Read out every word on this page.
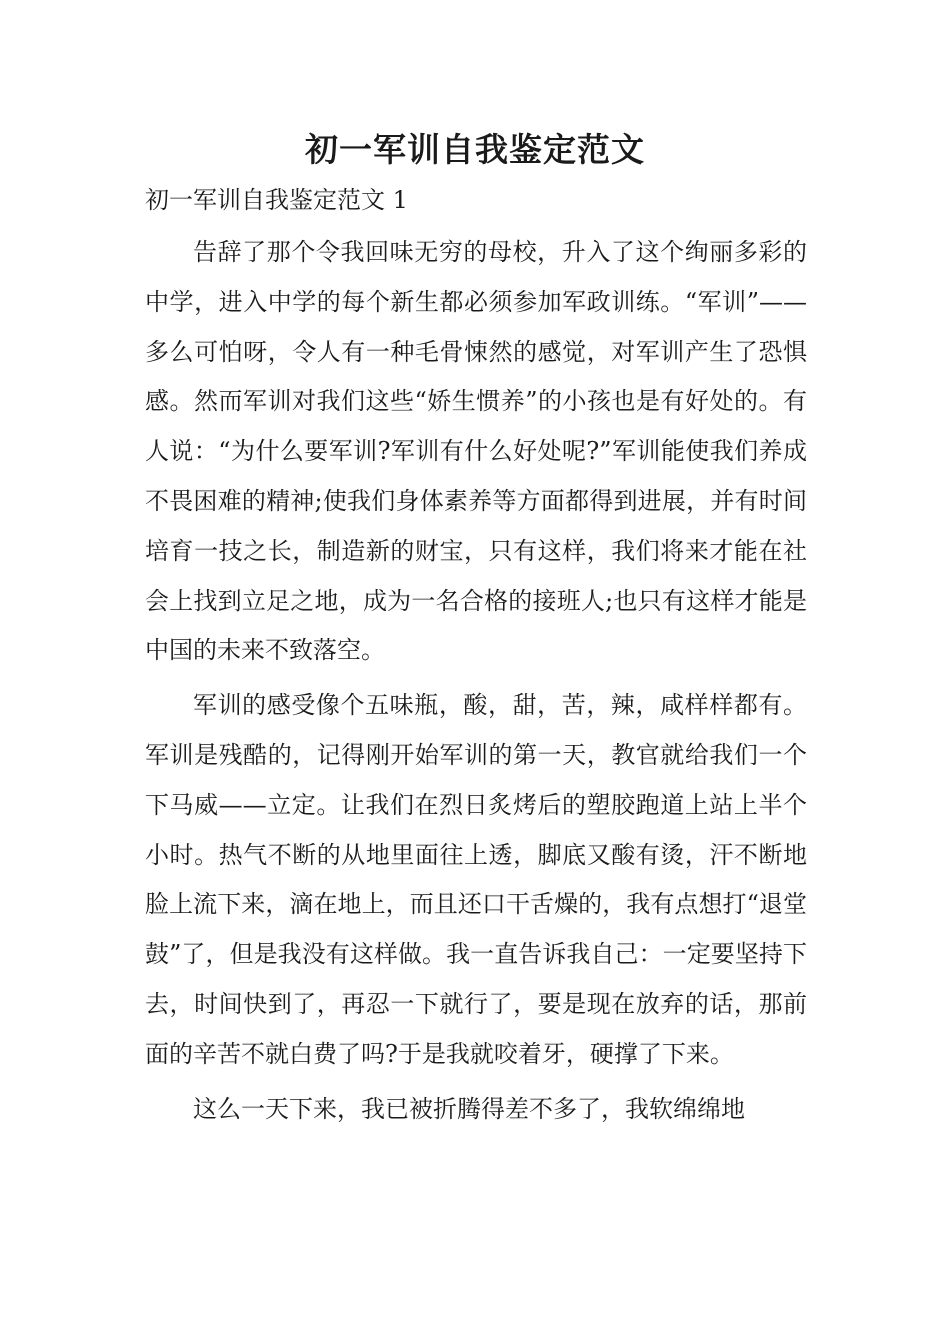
初一军训自我鉴定范文
初一军训自我鉴定范文 1

告辞了那个令我回味无穷的母校，升入了这个绚丽多彩的中学，进入中学的每个新生都必须参加军政训练。“军训”——多么可怕呀，令人有一种毛骨悚然的感觉，对军训产生了恐惧感。然而军训对我们这些“娇生惯养”的小孩也是有好处的。有人说：“为什么要军训?军训有什么好处呢?”军训能使我们养成不畏困难的精神;使我们身体素养等方面都得到进展，并有时间培育一技之长，制造新的财宝，只有这样，我们将来才能在社会上找到立足之地，成为一名合格的接班人;也只有这样才能是中国的未来不致落空。

军训的感受像个五味瓶，酸，甜，苦，辣，咸样样都有。军训是残酷的，记得刚开始军训的第一天，教官就给我们一个下马威——立定。让我们在烈日炙烤后的塑胶跑道上站上半个小时。热气不断的从地里面往上透，脚底又酸有烫，汗不断地脸上流下来，滴在地上，而且还口干舌燥的，我有点想打“退堂鼓”了，但是我没有这样做。我一直告诉我自己：一定要坚持下去，时间快到了，再忍一下就行了，要是现在放弃的话，那前面的辛苦不就白费了吗?于是我就咬着牙，硬撑了下来。

这么一天下来，我已被折腾得差不多了，我软绵绵地
